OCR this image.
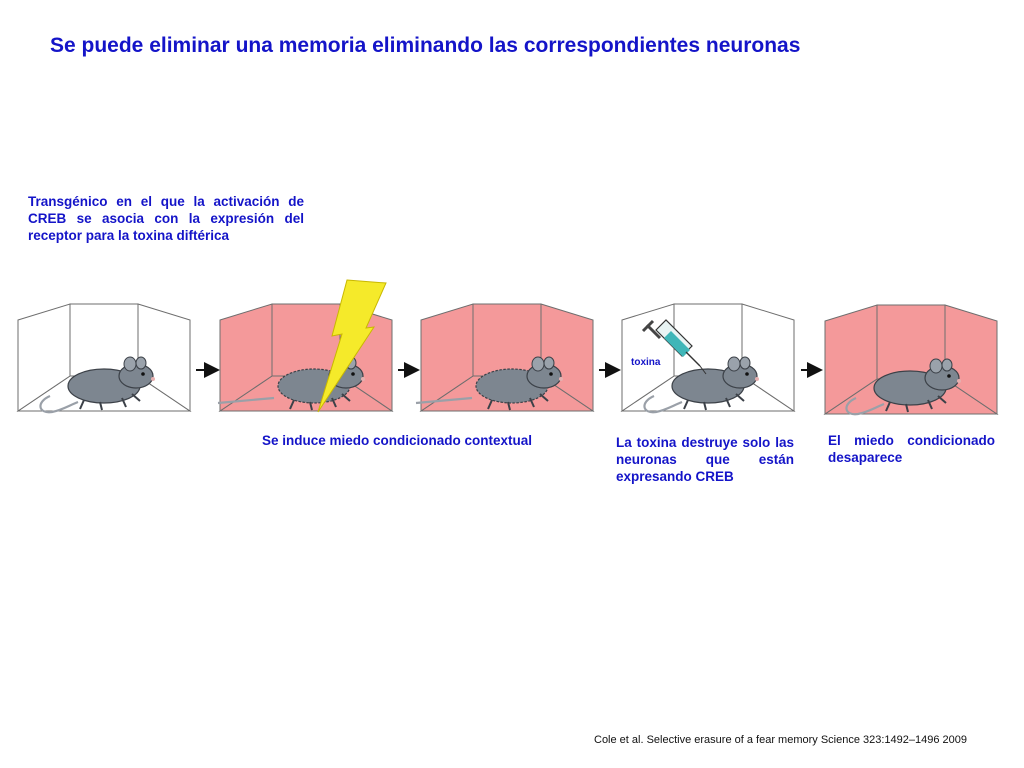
Se puede eliminar una memoria eliminando las correspondientes neuronas

Transgénico en el que la activación de CREB se asocia con la expresión del receptor para la toxina diftérica

Se induce miedo condicionado contextual	La toxina destruye solo las neuronas que están expresando CREB

El miedo condicionado desaparece

Cole et al. Selective erasure of a fear memory Science 323:1492–1496 2009

toxina
